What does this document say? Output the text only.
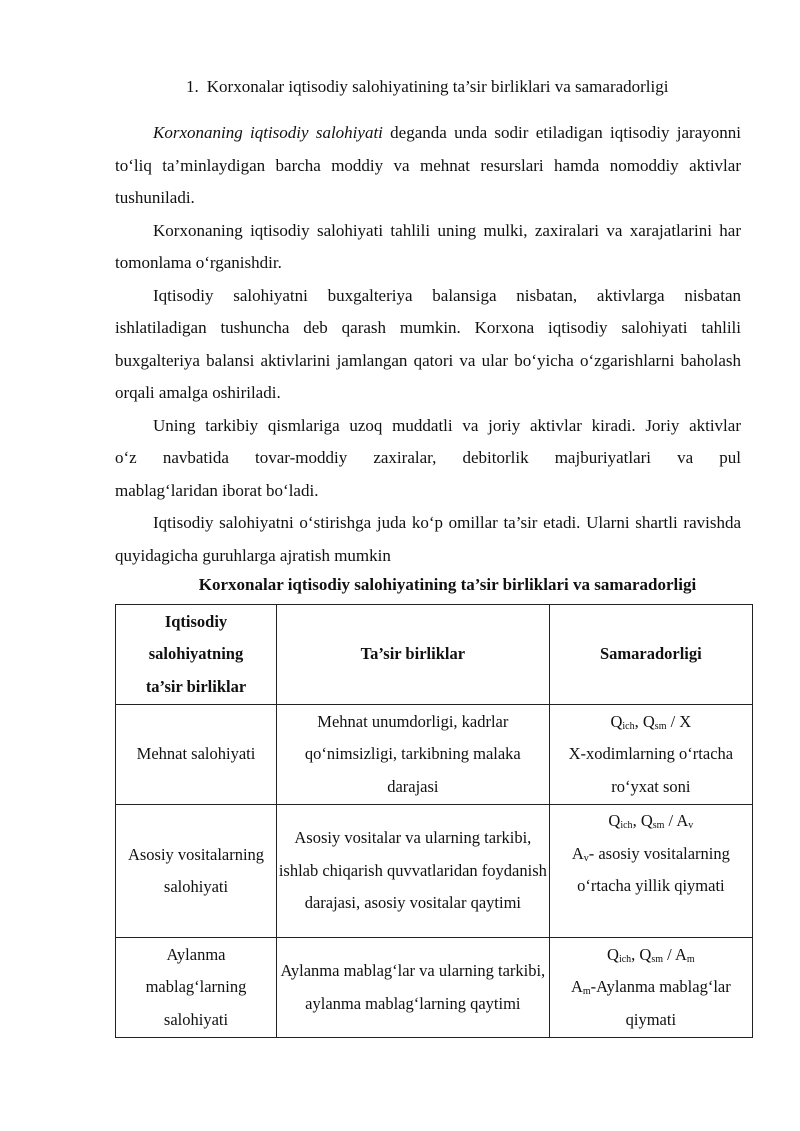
1. Korxonalar iqtisodiy salohiyatining ta’sir birliklari va samaradorligi

Korxonaning iqtisodiy salohiyati deganda unda sodir etiladigan iqtisodiy jarayonni to‘liq ta’minlaydigan barcha moddiy va mehnat resurslari hamda nomoddiy aktivlar tushuniladi.

Korxonaning iqtisodiy salohiyati tahlili uning mulki, zaxiralari va xarajatlarini har tomonlama o‘rganishdir.

Iqtisodiy salohiyatni buxgalteriya balansiga nisbatan, aktivlarga nisbatan ishlatiladigan tushuncha deb qarash mumkin. Korxona iqtisodiy salohiyati tahlili buxgalteriya balansi aktivlarini jamlangan qatori va ular bo‘yicha o‘zgarishlarni baholash orqali amalga oshiriladi.

Uning tarkibiy qismlariga uzoq muddatli va joriy aktivlar kiradi. Joriy aktivlar

o‘z navbatida tovar-moddiy zaxiralar, debitorlik majburiyatlari va pul

mablag‘laridan iborat bo‘ladi.

Iqtisodiy salohiyatni o‘stirishga juda ko‘p omillar ta’sir etadi. Ularni shartli ravishda quyidagicha guruhlarga ajratish mumkin

Korxonalar iqtisodiy salohiyatining ta’sir birliklari va samaradorligi
Iqtisodiy
salohiyatning
ta’sir birliklar	Ta’sir birliklar	Samaradorligi
Mehnat salohiyati	Mehnat unumdorligi, kadrlar qo‘nimsizligi, tarkibning malaka darajasi	$Q_{ich}$, $Q_{sm}$ / X
X-xodimlarning o‘rtacha ro‘yxat soni

Asosiy vositalarning salohiyati	Asosiy vositalar va ularning tarkibi, ishlab chiqarish quvvatlaridan foydanish darajasi, asosiy vositalar qaytimi	$Q_{ich}$, $Q_{sm} / A_v$
$A_v-$ asosiy vositalarning o‘rtacha yillik qiymati

Aylanma mablag‘larning salohiyati	Aylanma mablag‘lar va ularning tarkibi, aylanma mablag‘larning qaytimi	$Q_{ich}$, $Q_{sm} / A_m$
$A_m$-Aylanma mablag‘lar qiymati
